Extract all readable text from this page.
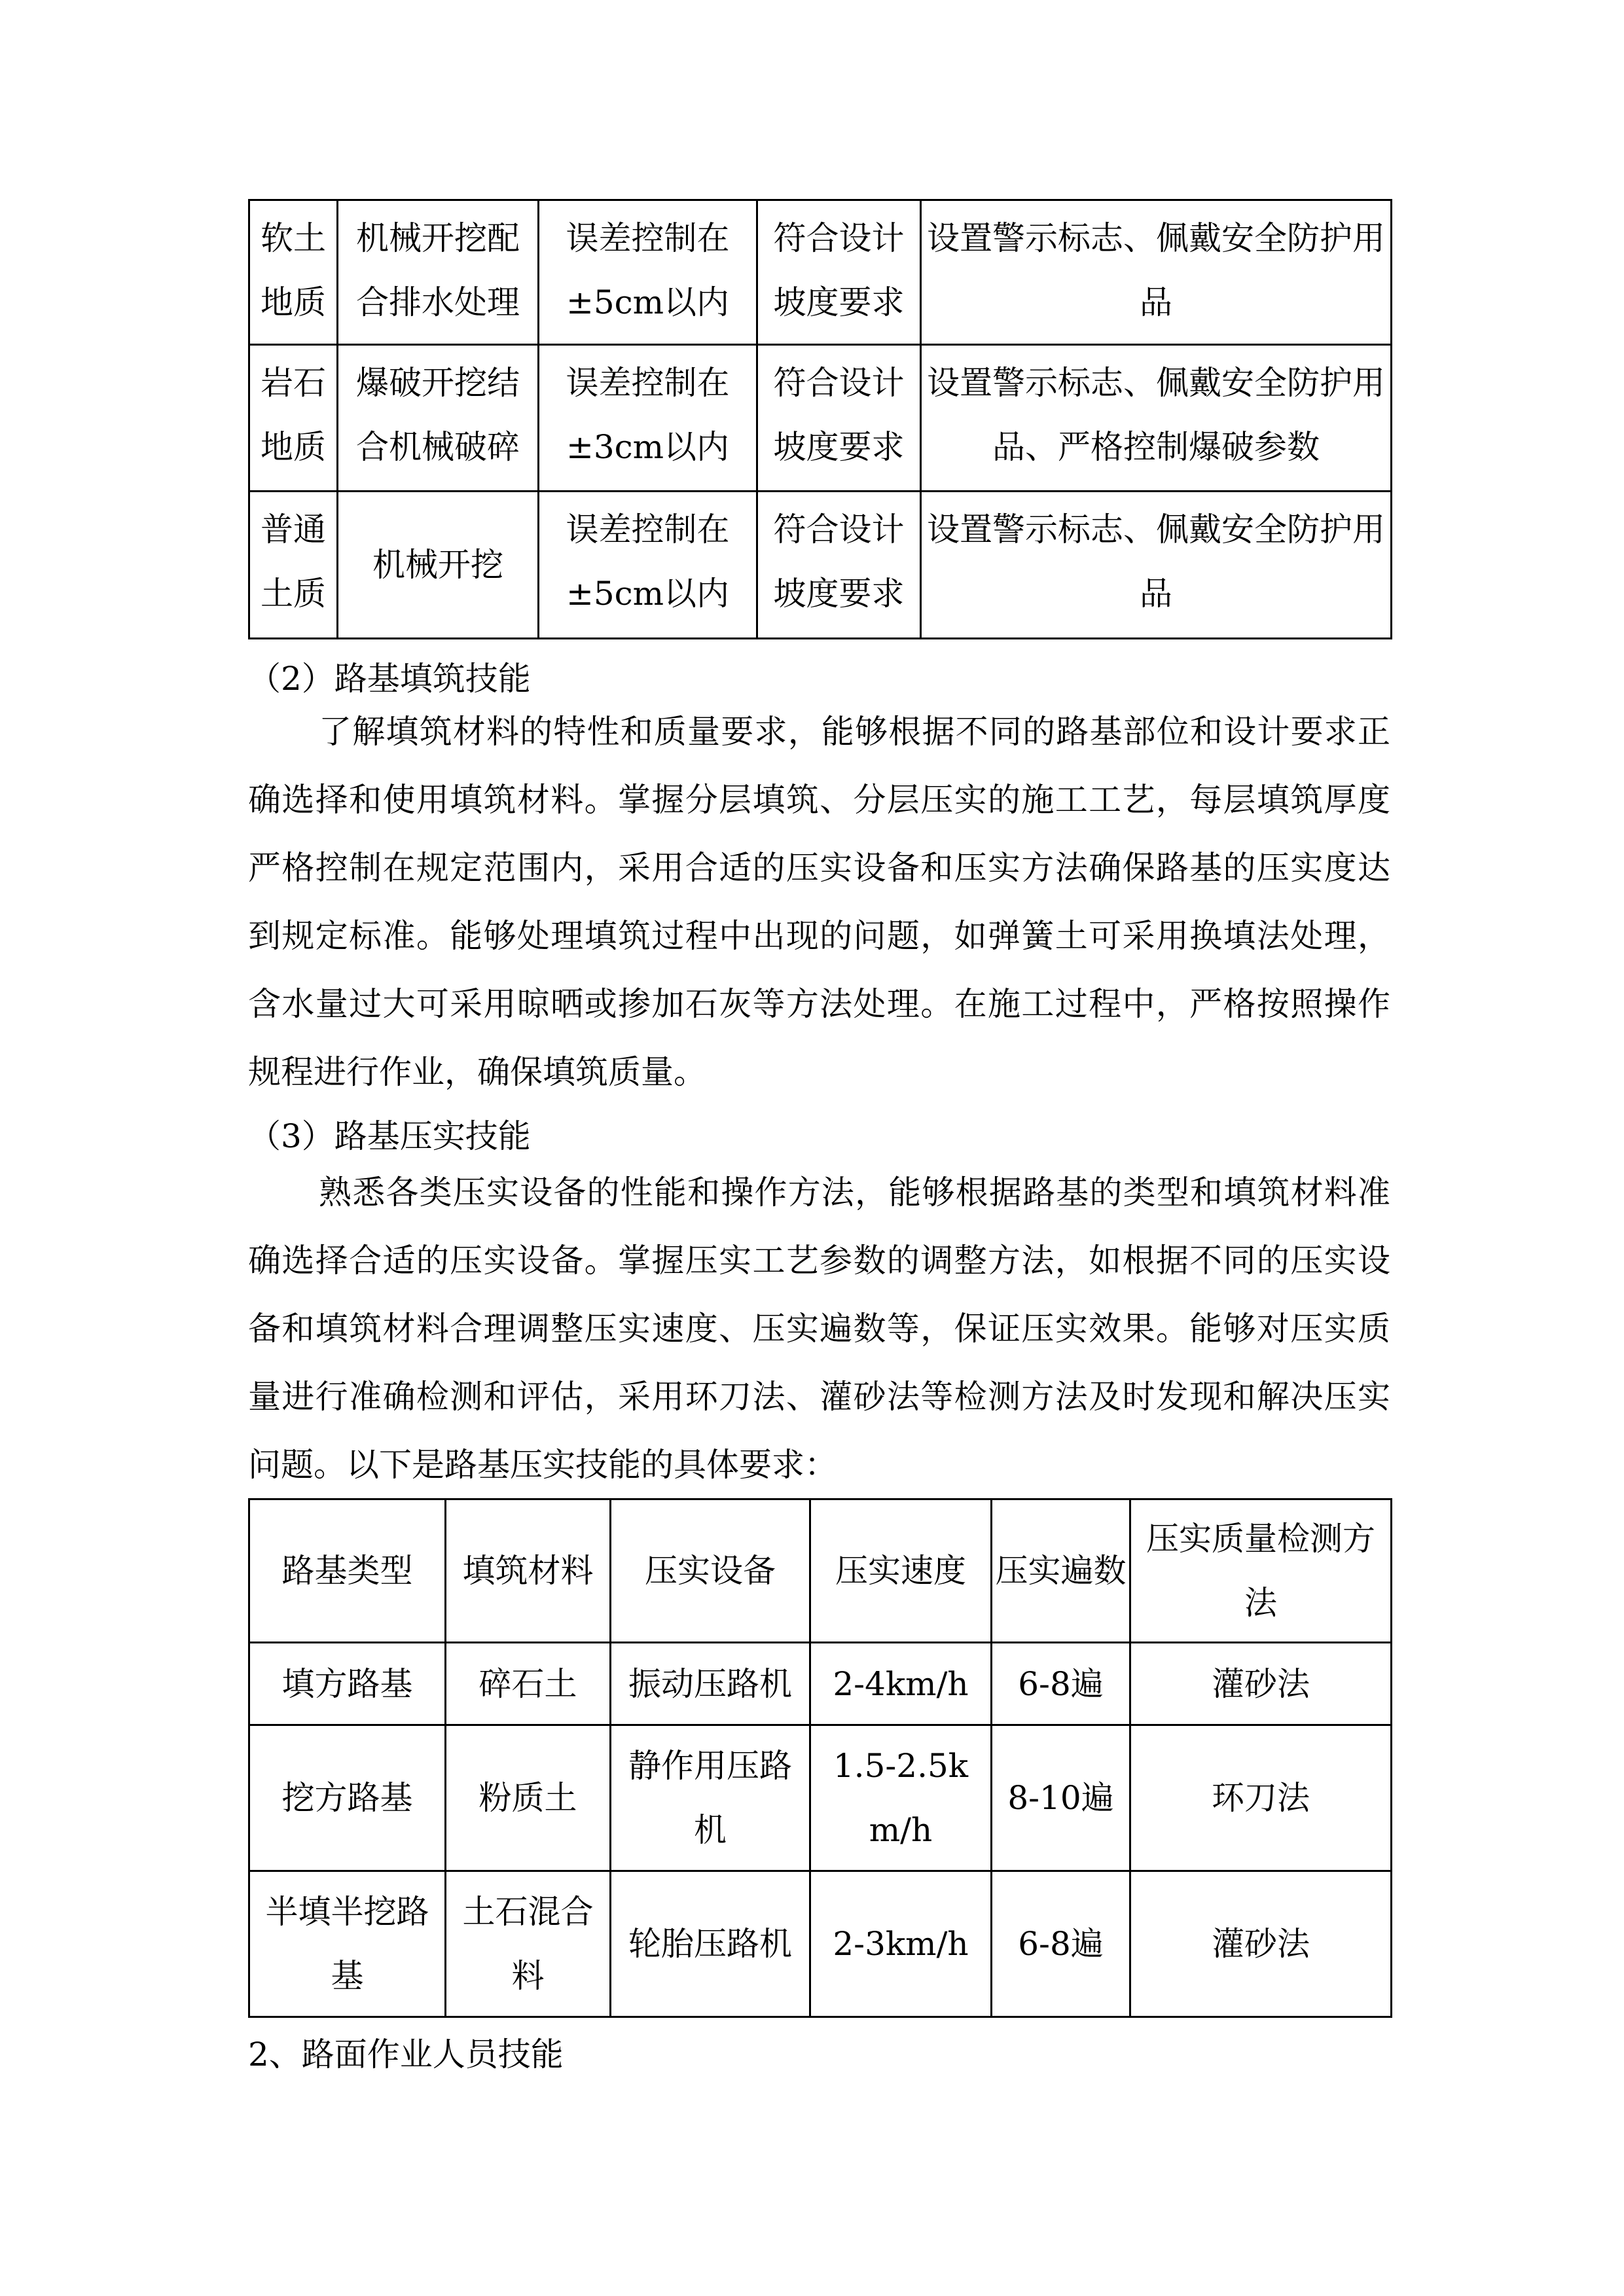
软土地质	机械开挖配合排水处理	误差控制在±5cm以内	符合设计坡度要求	设置警示标志、佩戴安全防护用品
岩石地质	爆破开挖结合机械破碎	误差控制在±3cm以内	符合设计坡度要求	设置警示标志、佩戴安全防护用品、严格控制爆破参数
普通土质	机械开挖	误差控制在±5cm以内	符合设计坡度要求	设置警示标志、佩戴安全防护用品
（2）路基填筑技能
了解填筑材料的特性和质量要求，能够根据不同的路基部位和设计要求正确选择和使用填筑材料。掌握分层填筑、分层压实的施工工艺，每层填筑厚度严格控制在规定范围内，采用合适的压实设备和压实方法确保路基的压实度达到规定标准。能够处理填筑过程中出现的问题，如弹簧土可采用换填法处理，含水量过大可采用晾晒或掺加石灰等方法处理。在施工过程中，严格按照操作规程进行作业，确保填筑质量。
（3）路基压实技能
熟悉各类压实设备的性能和操作方法，能够根据路基的类型和填筑材料准确选择合适的压实设备。掌握压实工艺参数的调整方法，如根据不同的压实设备和填筑材料合理调整压实速度、压实遍数等，保证压实效果。能够对压实质量进行准确检测和评估，采用环刀法、灌砂法等检测方法及时发现和解决压实问题。以下是路基压实技能的具体要求：
路基类型	填筑材料	压实设备	压实速度	压实遍数	压实质量检测方法
填方路基	碎石土	振动压路机	2-4km/h	6-8遍	灌砂法
挖方路基	粉质土	静作用压路机	1.5-2.5km/h	8-10遍	环刀法
半填半挖路基	土石混合料	轮胎压路机	2-3km/h	6-8遍	灌砂法
2、路面作业人员技能
